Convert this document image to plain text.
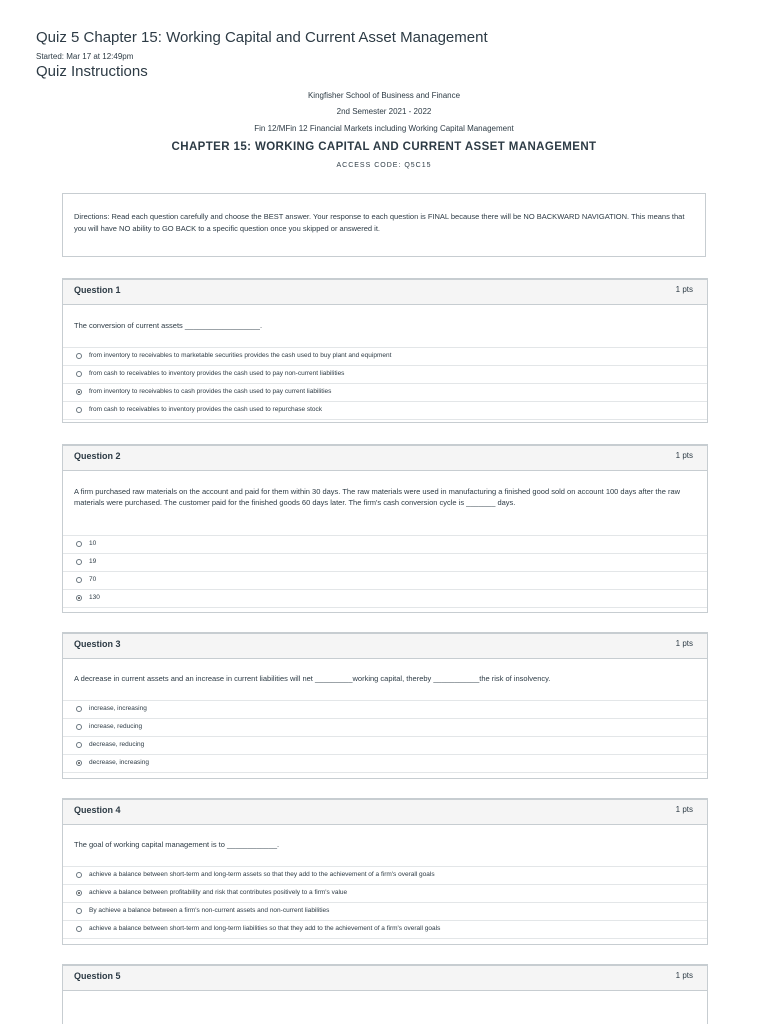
Quiz 5 Chapter 15: Working Capital and Current Asset Management
Started: Mar 17 at 12:49pm
Quiz Instructions
Kingfisher School of Business and Finance
2nd Semester 2021 - 2022
Fin 12/MFin 12 Financial Markets including Working Capital Management
CHAPTER 15: WORKING CAPITAL AND CURRENT ASSET MANAGEMENT
ACCESS CODE: Q5C15
Directions: Read each question carefully and choose the BEST answer. Your response to each question is FINAL because there will be NO BACKWARD NAVIGATION. This means that you will have NO ability to GO BACK to a specific question once you skipped or answered it.
Question 1	1 pts
The conversion of current assets __________________.
from inventory to receivables to marketable securities provides the cash used to buy plant and equipment
from cash to receivables to inventory provides the cash used to pay non-current liabilities
from inventory to receivables to cash provides the cash used to pay current liabilities
from cash to receivables to inventory provides the cash used to repurchase stock
Question 2	1 pts
A firm purchased raw materials on the account and paid for them within 30 days. The raw materials were used in manufacturing a finished good sold on account 100 days after the raw materials were purchased. The customer paid for the finished goods 60 days later. The firm's cash conversion cycle is _______ days.
10
19
70
130
Question 3	1 pts
A decrease in current assets and an increase in current liabilities will net _________working capital, thereby ___________the risk of insolvency.
increase, increasing
increase, reducing
decrease, reducing
decrease, increasing
Question 4	1 pts
The goal of working capital management is to ____________.
achieve a balance between short-term and long-term assets so that they add to the achievement of a firm's overall goals
achieve a balance between profitability and risk that contributes positively to a firm's value
By achieve a balance between a firm's non-current assets and non-current liabilities
achieve a balance between short-term and long-term liabilities so that they add to the achievement of a firm's overall goals
Question 5	1 pts
